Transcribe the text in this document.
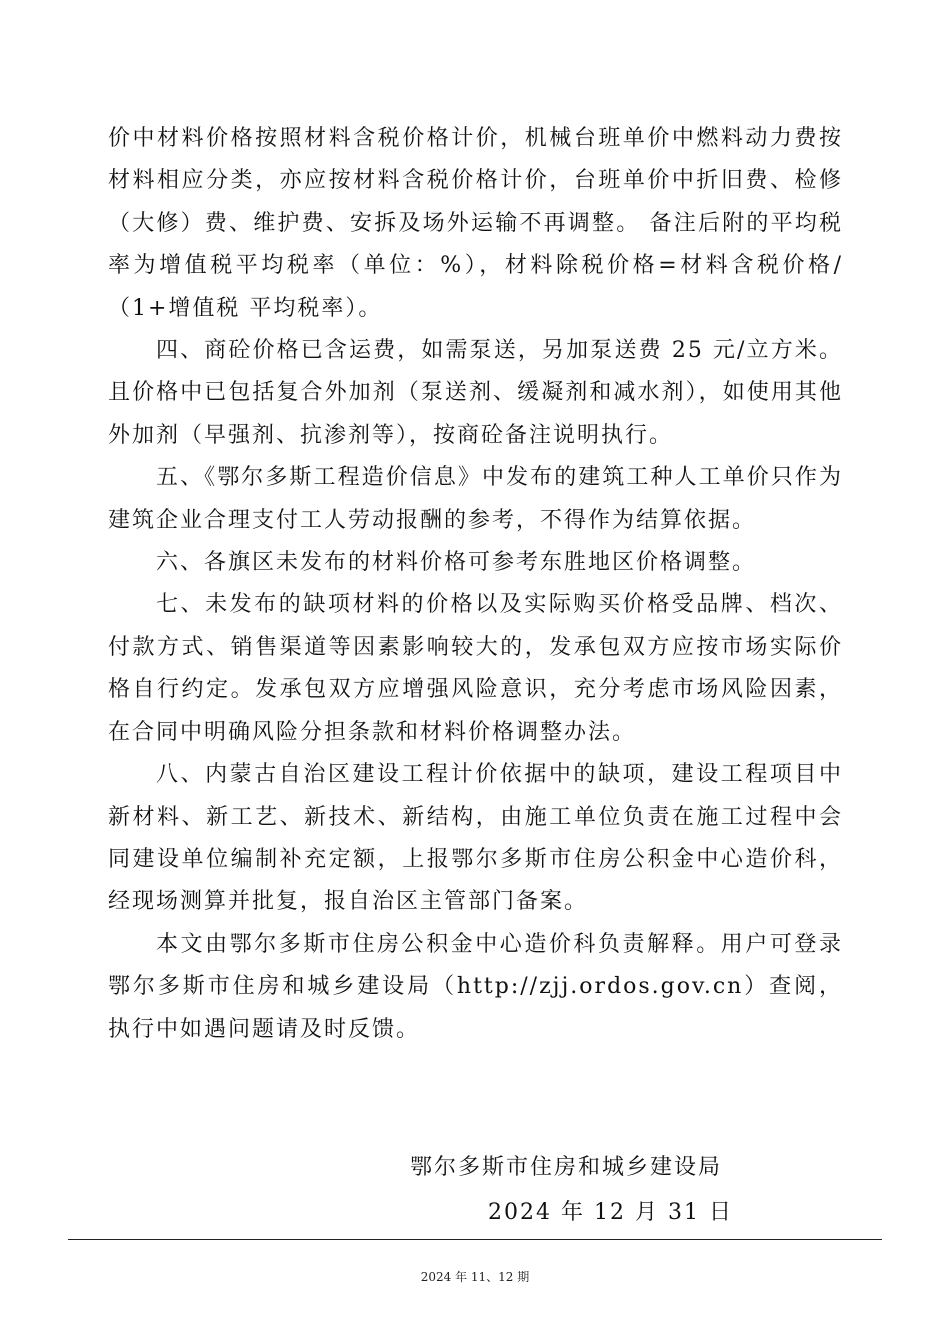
价中材料价格按照材料含税价格计价，机械台班单价中燃料动力费按材料相应分类，亦应按材料含税价格计价，台班单价中折旧费、检修（大修）费、维护费、安拆及场外运输不再调整。 备注后附的平均税率为增值税平均税率（单位：%），材料除税价格=材料含税价格/（1+增值税 平均税率）。

四、商砼价格已含运费，如需泵送，另加泵送费 25 元/立方米。且价格中已包括复合外加剂（泵送剂、缓凝剂和减水剂），如使用其他外加剂（早强剂、抗渗剂等），按商砼备注说明执行。

五、《鄂尔多斯工程造价信息》中发布的建筑工种人工单价只作为建筑企业合理支付工人劳动报酬的参考，不得作为结算依据。

六、各旗区未发布的材料价格可参考东胜地区价格调整。

七、未发布的缺项材料的价格以及实际购买价格受品牌、档次、付款方式、销售渠道等因素影响较大的，发承包双方应按市场实际价格自行约定。发承包双方应增强风险意识，充分考虑市场风险因素，在合同中明确风险分担条款和材料价格调整办法。

八、内蒙古自治区建设工程计价依据中的缺项，建设工程项目中新材料、新工艺、新技术、新结构，由施工单位负责在施工过程中会同建设单位编制补充定额，上报鄂尔多斯市住房公积金中心造价科，经现场测算并批复，报自治区主管部门备案。

本文由鄂尔多斯市住房公积金中心造价科负责解释。用户可登录鄂尔多斯市住房和城乡建设局（http://zjj.ordos.gov.cn）查阅，执行中如遇问题请及时反馈。

鄂尔多斯市住房和城乡建设局
2024 年 12 月 31 日
2024 年 11、12 期
